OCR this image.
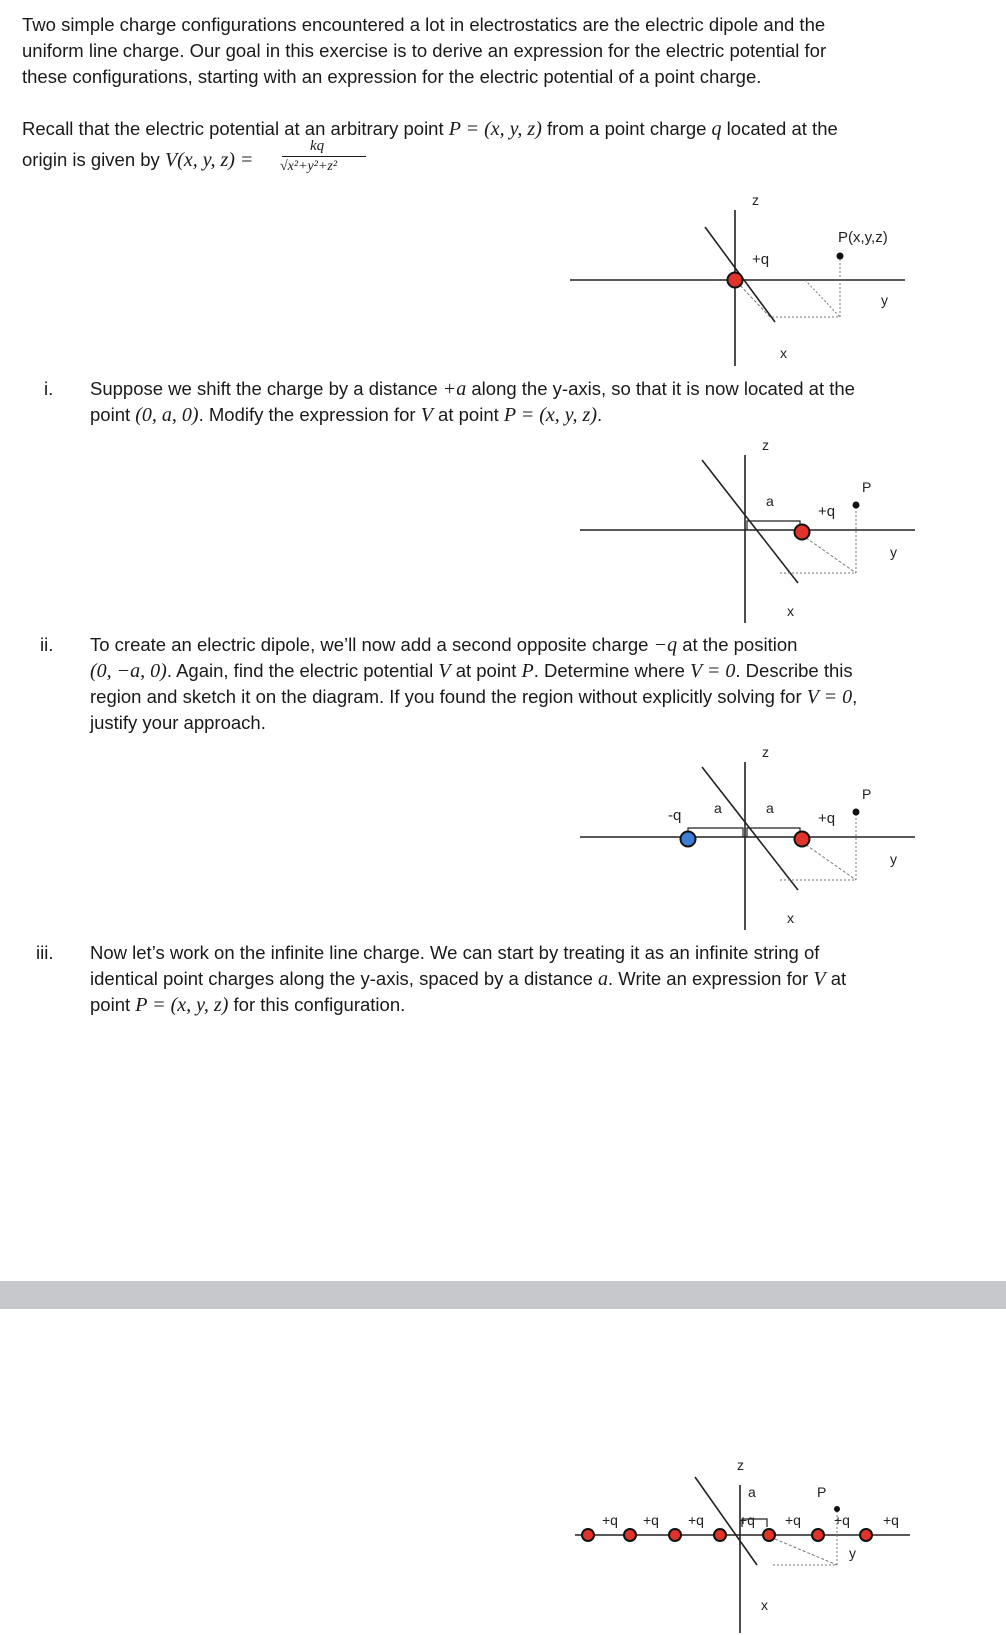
Two simple charge configurations encountered a lot in electrostatics are the electric dipole and the
uniform line charge. Our goal in this exercise is to derive an expression for the electric potential for
these configurations, starting with an expression for the electric potential of a point charge.
Recall that the electric potential at an arbitrary point P = (x, y, z) from a point charge q located at the
origin is given by V(x, y, z) =
kq
√x²+y²+z²
z
+q
P(x,y,z)
y
x
i. Suppose we shift the charge by a distance +a along the y-axis, so that it is now located at the
point (0, a, 0). Modify the expression for V at point P = (x, y, z).
z
a
+q
P
y
x
ii. To create an electric dipole, we’ll now add a second opposite charge −q at the position
(0, −a, 0). Again, find the electric potential V at point P. Determine where V = 0. Describe this
region and sketch it on the diagram. If you found the region without explicitly solving for V = 0,
justify your approach.
z
a	a
-q	+q
P
y
x
iii. Now let’s work on the infinite line charge. We can start by treating it as an infinite string of
identical point charges along the y-axis, spaced by a distance a. Write an expression for V at
point P = (x, y, z) for this configuration.
z
a	P
y
x
+q +q +q	+q +q +q +q
